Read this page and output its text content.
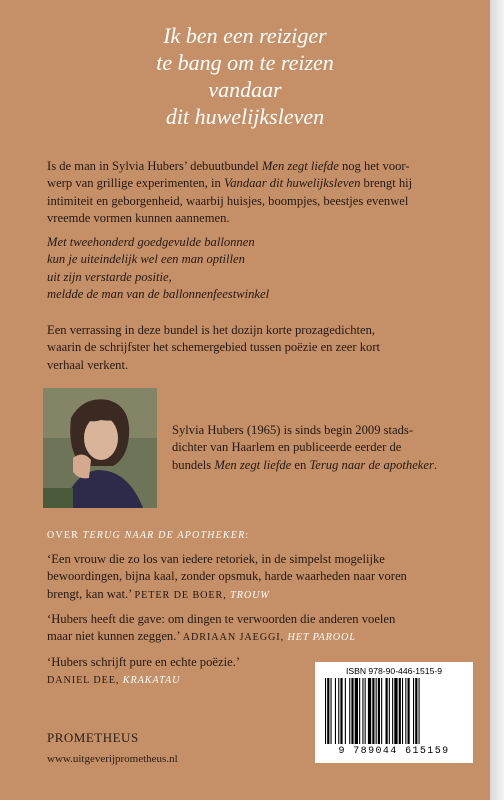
Ik ben een reiziger
te bang om te reizen
vandaar
dit huwelijksleven
Is de man in Sylvia Hubers’ debuutbundel Men zegt liefde nog het voor-
werp van grillige experimenten, in Vandaar dit huwelijksleven brengt hij
intimiteit en geborgenheid, waarbij huisjes, boompjes, beestjes evenwel
vreemde vormen kunnen aannemen.
Met tweehonderd goedgevulde ballonnen
kun je uiteindelijk wel een man optillen
uit zijn verstarde positie,
meldde de man van de ballonnenfeestwinkel
Een verrassing in deze bundel is het dozijn korte prozagedichten,
waarin de schrijfster het schemergebied tussen poëzie en zeer kort
verhaal verkent.
Sylvia Hubers (1965) is sinds begin 2009 stads-
dichter van Haarlem en publiceerde eerder de
bundels Men zegt liefde en Terug naar de apotheker.
OVER TERUG NAAR DE APOTHEKER:
‘Een vrouw die zo los van iedere retoriek, in de simpelst mogelijke
bewoordingen, bijna kaal, zonder opsmuk, harde waarheden naar voren
brengt, kan wat.’ PETER DE BOER, TROUW
‘Hubers heeft die gave: om dingen te verwoorden die anderen voelen
maar niet kunnen zeggen.’ ADRIAAN JAEGGI, HET PAROOL
‘Hubers schrijft pure en echte poëzie.’
DANIEL DEE, KRAKATAU
ISBN 978-90-446-1515-9
9 789044 615159
PROMETHEUS
www.uitgeverijprometheus.nl
